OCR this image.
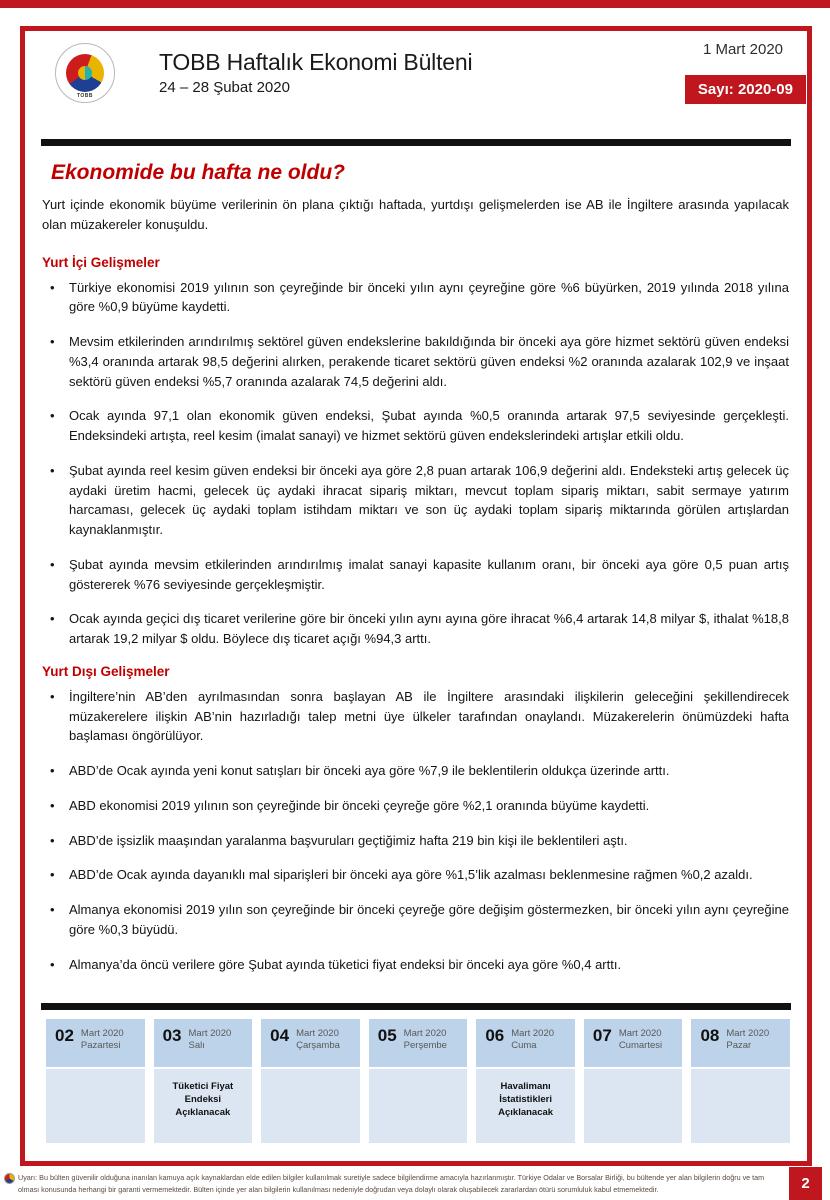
TOBB
TOBB Haftalık Ekonomi Bülteni
24 – 28 Şubat 2020
1 Mart 2020
Sayı: 2020-09
Ekonomide bu hafta ne oldu?

Yurt içinde ekonomik büyüme verilerinin ön plana çıktığı haftada, yurtdışı gelişmelerden ise AB ile İngiltere arasında yapılacak olan müzakereler konuşuldu.

Yurt İçi Gelişmeler
• Türkiye ekonomisi 2019 yılının son çeyreğinde bir önceki yılın aynı çeyreğine göre %6 büyürken, 2019 yılında 2018 yılına göre %0,9 büyüme kaydetti.
• Mevsim etkilerinden arındırılmış sektörel güven endekslerine bakıldığında bir önceki aya göre hizmet sektörü güven endeksi %3,4 oranında artarak 98,5 değerini alırken, perakende ticaret sektörü güven endeksi %2 oranında azalarak 102,9 ve inşaat sektörü güven endeksi %5,7 oranında azalarak 74,5 değerini aldı.
• Ocak ayında 97,1 olan ekonomik güven endeksi, Şubat ayında %0,5 oranında artarak 97,5 seviyesinde gerçekleşti. Endeksindeki artışta, reel kesim (imalat sanayi) ve hizmet sektörü güven endekslerindeki artışlar etkili oldu.
• Şubat ayında reel kesim güven endeksi bir önceki aya göre 2,8 puan artarak 106,9 değerini aldı. Endeksteki artış gelecek üç aydaki üretim hacmi, gelecek üç aydaki ihracat sipariş miktarı, mevcut toplam sipariş miktarı, sabit sermaye yatırım harcaması, gelecek üç aydaki toplam istihdam miktarı ve son üç aydaki toplam sipariş miktarında görülen artışlardan kaynaklanmıştır.
• Şubat ayında mevsim etkilerinden arındırılmış imalat sanayi kapasite kullanım oranı, bir önceki aya göre 0,5 puan artış göstererek %76 seviyesinde gerçekleşmiştir.
• Ocak ayında geçici dış ticaret verilerine göre bir önceki yılın aynı ayına göre ihracat %6,4 artarak 14,8 milyar $, ithalat %18,8 artarak 19,2 milyar $ oldu. Böylece dış ticaret açığı %94,3 arttı.
Yurt Dışı Gelişmeler
• İngiltere’nin AB’den ayrılmasından sonra başlayan AB ile İngiltere arasındaki ilişkilerin geleceğini şekillendirecek müzakerelere ilişkin AB’nin hazırladığı talep metni üye ülkeler tarafından onaylandı. Müzakerelerin önümüzdeki hafta başlaması öngörülüyor.
• ABD’de Ocak ayında yeni konut satışları bir önceki aya göre %7,9 ile beklentilerin oldukça üzerinde arttı.
• ABD ekonomisi 2019 yılının son çeyreğinde bir önceki çeyreğe göre %2,1 oranında büyüme kaydetti.
• ABD’de işsizlik maaşından yaralanma başvuruları geçtiğimiz hafta 219 bin kişi ile beklentileri aştı.
• ABD’de Ocak ayında dayanıklı mal siparişleri bir önceki aya göre %1,5’lik azalması beklenmesine rağmen %0,2 azaldı.
• Almanya ekonomisi 2019 yılın son çeyreğinde bir önceki çeyreğe göre değişim göstermezken, bir önceki yılın aynı çeyreğine göre %0,3 büyüdü.
• Almanya’da öncü verilere göre Şubat ayında tüketici fiyat endeksi bir önceki aya göre %0,4 arttı.
02 Mart 2020
Pazartesi
03 Mart 2020
Salı
Tüketici Fiyat Endeksi Açıklanacak
04 Mart 2020
Çarşamba
05 Mart 2020
Perşembe
06 Mart 2020
Cuma
Havalimanı İstatistikleri Açıklanacak
07 Mart 2020
Cumartesi
08 Mart 2020
Pazar
Uyarı: Bu bülten güvenilir olduğuna inanılan kamuya açık kaynaklardan elde edilen bilgiler kullanılmak suretiyle sadece bilgilendirme amacıyla hazırlanmıştır. Türkiye Odalar ve Borsalar Birliği, bu bültende yer alan bilgilerin doğru ve tam olması konusunda herhangi bir garanti vermemektedir. Bülten içinde yer alan bilgilerin kullanılması nedeniyle doğrudan veya dolaylı olarak oluşabilecek zararlardan ötürü sorumluluk kabul etmemektedir.	2
